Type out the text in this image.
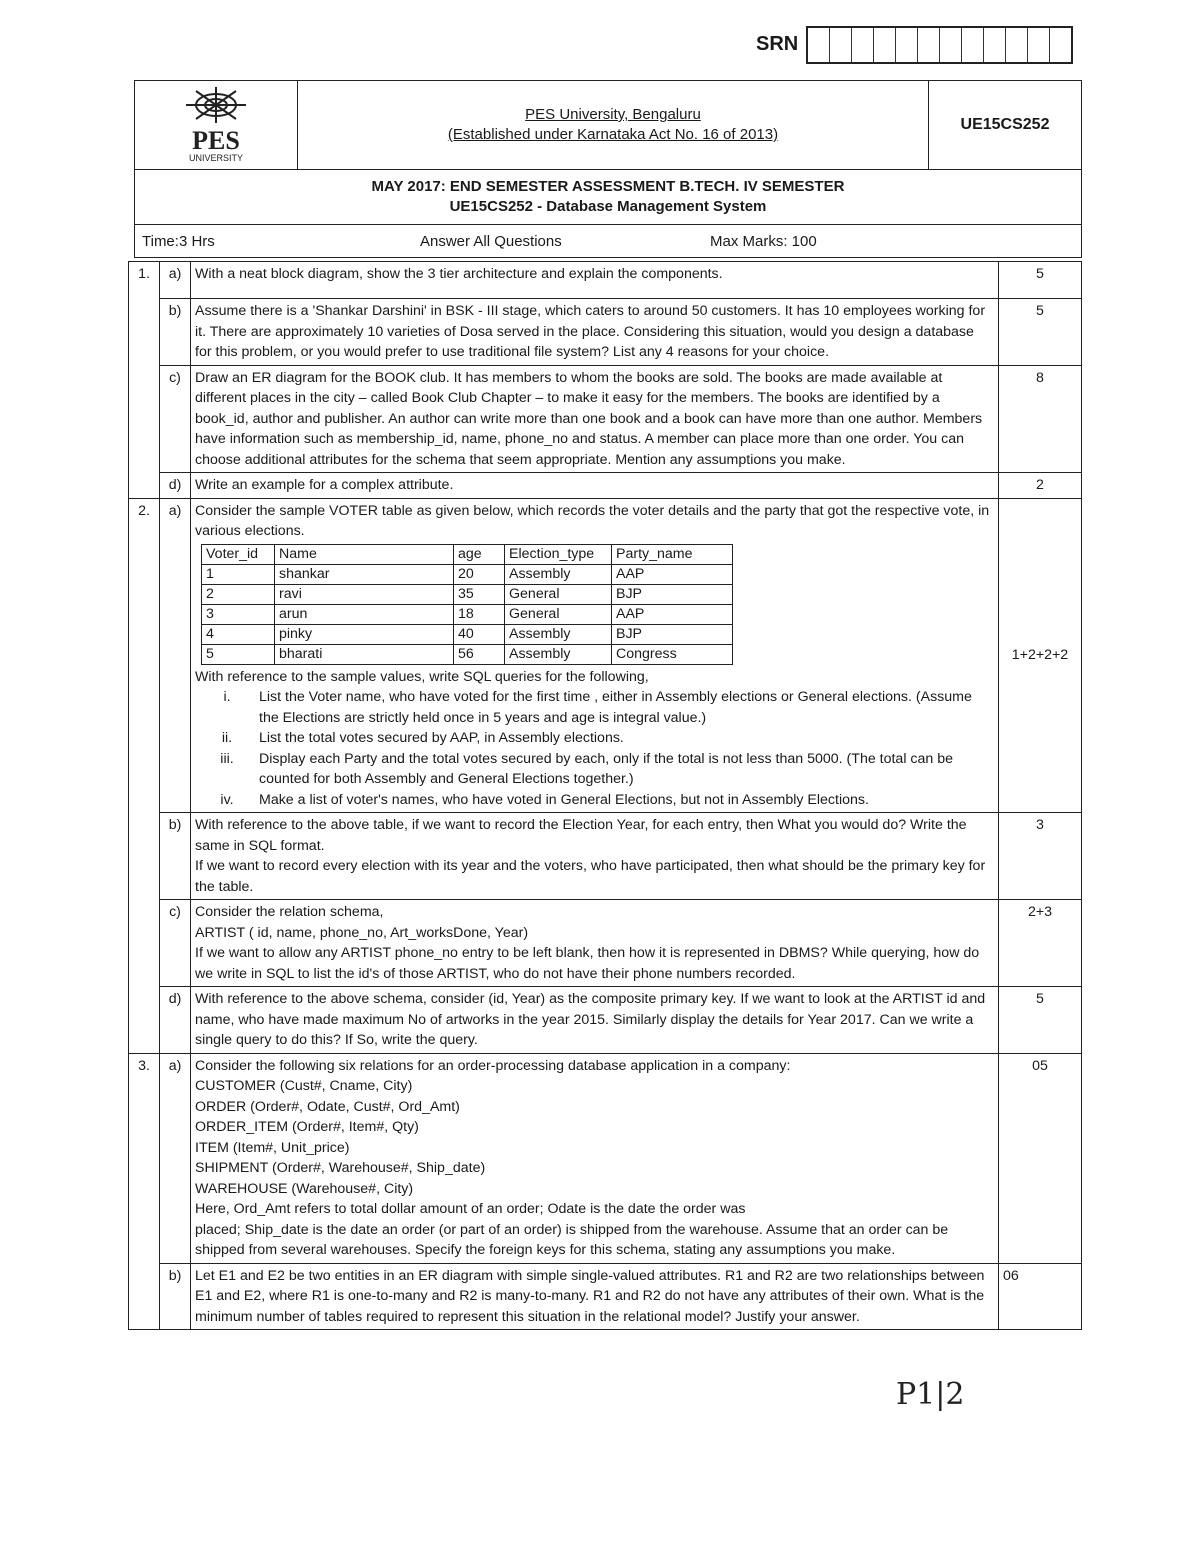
SRN
PES
UNIVERSITY

PES University, Bengaluru
(Established under Karnataka Act No. 16 of 2013)
	UE15CS252

MAY 2017: END SEMESTER ASSESSMENT B.TECH. IV SEMESTER
UE15CS252 - Database Management System

Time:3 Hrs	Answer All Questions	Max Marks: 100
1.	a)	With a neat block diagram, show the 3 tier architecture and explain the components.	5
b)	Assume there is a 'Shankar Darshini' in BSK - III stage, which caters to around 50 customers. It has 10 employees working for it. There are approximately 10 varieties of Dosa served in the place. Considering this situation, would you design a database for this problem, or you would prefer to use traditional file system? List any 4 reasons for your choice.	5
c)	Draw an ER diagram for the BOOK club. It has members to whom the books are sold. The books are made available at different places in the city – called Book Club Chapter – to make it easy for the members. The books are identified by a book_id, author and publisher. An author can write more than one book and a book can have more than one author. Members have information such as membership_id, name, phone_no and status. A member can place more than one order. You can choose additional attributes for the schema that seem appropriate. Mention any assumptions you make.	8
d)	Write an example for a complex attribute.	2
2.	a)	Consider the sample VOTER table as given below, which records the voter details and the party that got the respective vote, in various elections.

Voter_id	Name	age	Election_type	Party_name
1	shankar	20	Assembly	AAP
2	ravi	35	General	BJP
3	arun	18	General	AAP
4	pinky	40	Assembly	BJP
5	bharati	56	Assembly	Congress

With reference to the sample values, write SQL queries for the following,

i.	List the Voter name, who have voted for the first time , either in Assembly elections or General elections. (Assume the Elections are strictly held once in 5 years and age is integral value.)
ii.	List the total votes secured by AAP, in Assembly elections.
iii.	Display each Party and the total votes secured by each, only if the total is not less than 5000. (The total can be counted for both Assembly and General Elections together.)
iv.	Make a list of voter's names, who have voted in General Elections, but not in Assembly Elections.
	1+2+2+2
b)	With reference to the above table, if we want to record the Election Year, for each entry, then What you would do? Write the same in SQL format.

If we want to record every election with its year and the voters, who have participated, then what should be the primary key for the table.

	3
c)	Consider the relation schema,

ARTIST ( id, name, phone_no, Art_worksDone, Year)

If we want to allow any ARTIST phone_no entry to be left blank, then how it is represented in DBMS? While querying, how do we write in SQL to list the id's of those ARTIST, who do not have their phone numbers recorded.

	2+3
d)	With reference to the above schema, consider (id, Year) as the composite primary key. If we want to look at the ARTIST id and name, who have made maximum No of artworks in the year 2015. Similarly display the details for Year 2017. Can we write a single query to do this? If So, write the query.	5
3.	a)	Consider the following six relations for an order-processing database application in a company:

CUSTOMER (Cust#, Cname, City)

ORDER (Order#, Odate, Cust#, Ord_Amt)

ORDER_ITEM (Order#, Item#, Qty)

ITEM (Item#, Unit_price)

SHIPMENT (Order#, Warehouse#, Ship_date)

WAREHOUSE (Warehouse#, City)

Here, Ord_Amt refers to total dollar amount of an order; Odate is the date the order was

placed; Ship_date is the date an order (or part of an order) is shipped from the warehouse. Assume that an order can be shipped from several warehouses. Specify the foreign keys for this schema, stating any assumptions you make.

	05
b)	Let E1 and E2 be two entities in an ER diagram with simple single-valued attributes. R1 and R2 are two relationships between E1 and E2, where R1 is one-to-many and R2 is many-to-many. R1 and R2 do not have any attributes of their own. What is the minimum number of tables required to represent this situation in the relational model? Justify your answer.	06
P1|2
